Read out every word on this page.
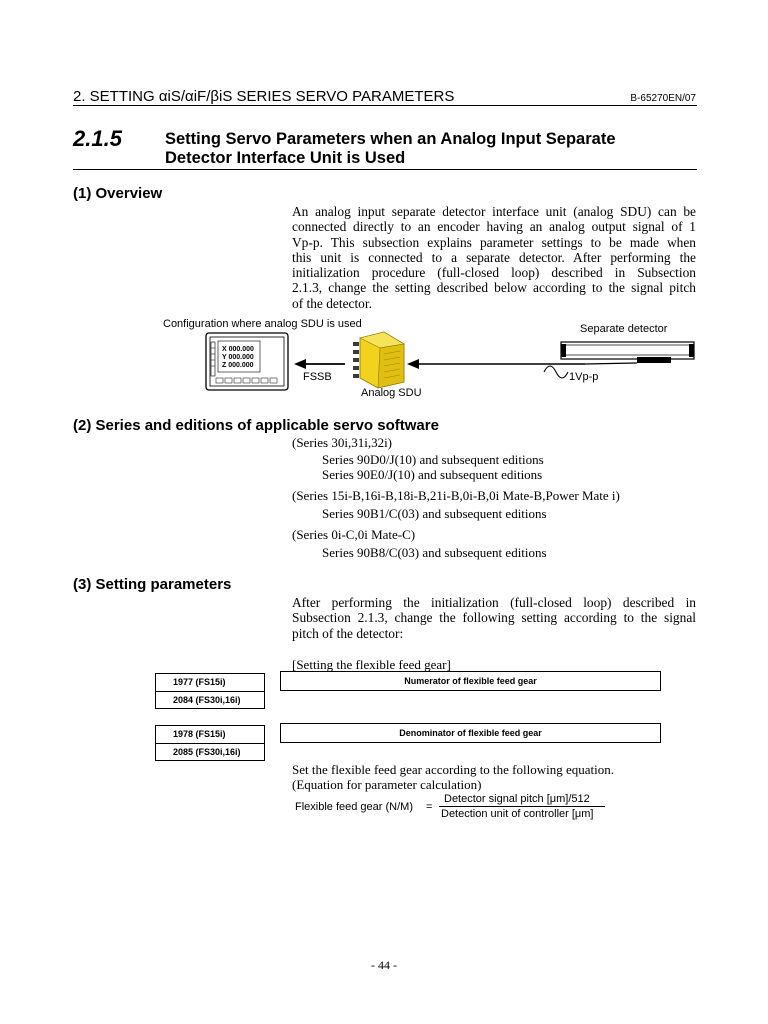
2. SETTING αiS/αiF/βiS SERIES SERVO PARAMETERS	B-65270EN/07
2.1.5	Setting Servo Parameters when an Analog Input Separate
Detector Interface Unit is Used
(1) Overview
An analog input separate detector interface unit (analog SDU) can be
connected directly to an encoder having an analog output signal of 1
Vp-p. This subsection explains parameter settings to be made when
this unit is connected to a separate detector. After performing the
initialization procedure (full-closed loop) described in Subsection
2.1.3, change the setting described below according to the signal pitch
of the detector.
Configuration where analog SDU is used	Separate detector
X 000.000
Y 000.000
Z 000.000
FSSB	1Vp-p
Analog SDU
(2) Series and editions of applicable servo software
(Series 30i,31i,32i)
Series 90D0/J(10) and subsequent editions
Series 90E0/J(10) and subsequent editions
(Series 15i-B,16i-B,18i-B,21i-B,0i-B,0i Mate-B,Power Mate i)
Series 90B1/C(03) and subsequent editions
(Series 0i-C,0i Mate-C)
Series 90B8/C(03) and subsequent editions
(3) Setting parameters
After performing the initialization (full-closed loop) described in
Subsection 2.1.3, change the following setting according to the signal
pitch of the detector:
[Setting the flexible feed gear]
1977 (FS15i)
2084 (FS30i,16i)
Numerator of flexible feed gear
1978 (FS15i)
2085 (FS30i,16i)
Denominator of flexible feed gear
Set the flexible feed gear according to the following equation.
(Equation for parameter calculation)
Flexible feed gear (N/M) =
Detector signal pitch [μm]/512
Detection unit of controller [μm]
- 44 -
